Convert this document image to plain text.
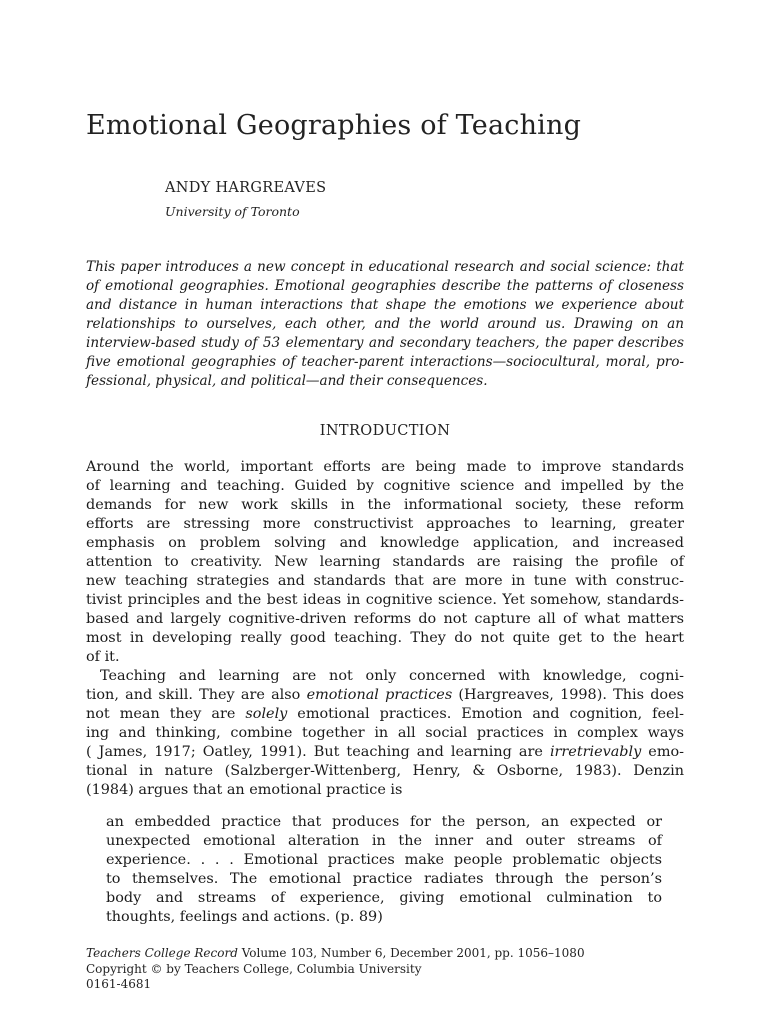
Emotional Geographies of Teaching
ANDY HARGREAVES
University of Toronto
This paper introduces a new concept in educational research and social science: that
of emotional geographies. Emotional geographies describe the patterns of closeness
and distance in human interactions that shape the emotions we experience about
relationships to ourselves, each other, and the world around us. Drawing on an
interview-based study of 53 elementary and secondary teachers, the paper describes
five emotional geographies of teacher-parent interactions—sociocultural, moral, pro-
fessional, physical, and political—and their consequences.
INTRODUCTION
Around the world, important efforts are being made to improve standards
of learning and teaching. Guided by cognitive science and impelled by the
demands for new work skills in the informational society, these reform
efforts are stressing more constructivist approaches to learning, greater
emphasis on problem solving and knowledge application, and increased
attention to creativity. New learning standards are raising the profile of
new teaching strategies and standards that are more in tune with construc-
tivist principles and the best ideas in cognitive science. Yet somehow, standards-
based and largely cognitive-driven reforms do not capture all of what matters
most in developing really good teaching. They do not quite get to the heart
of it.
Teaching and learning are not only concerned with knowledge, cogni-
tion, and skill. They are also emotional practices (Hargreaves, 1998). This does
not mean they are solely emotional practices. Emotion and cognition, feel-
ing and thinking, combine together in all social practices in complex ways
( James, 1917; Oatley, 1991). But teaching and learning are irretrievably emo-
tional in nature (Salzberger-Wittenberg, Henry, & Osborne, 1983). Denzin
(1984) argues that an emotional practice is
an embedded practice that produces for the person, an expected or
unexpected emotional alteration in the inner and outer streams of
experience. . . . Emotional practices make people problematic objects
to themselves. The emotional practice radiates through the person’s
body and streams of experience, giving emotional culmination to
thoughts, feelings and actions. (p. 89)
Teachers College Record Volume 103, Number 6, December 2001, pp. 1056–1080
Copyright © by Teachers College, Columbia University
0161-4681
